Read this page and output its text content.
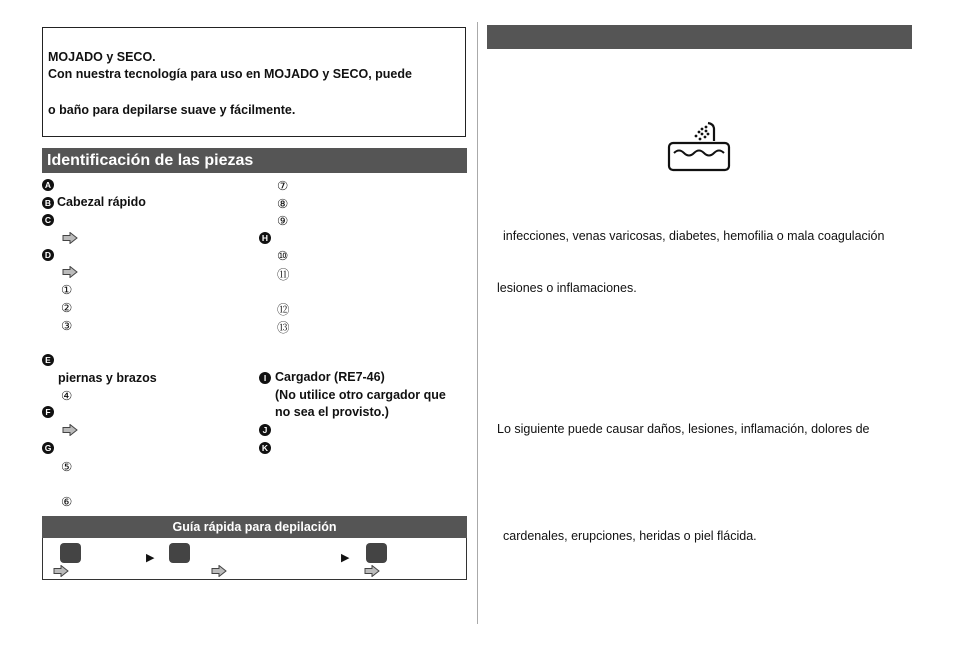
MOJADO y SECO.
Con nuestra tecnología para uso en MOJADO y SECO, puede
o baño para depilarse suave y fácilmente.
Identificación de las piezas
A
B Cabezal rápido
C
D
①
②
③
E
piernas y brazos
④
F
G
⑤
⑥
⑦
⑧
⑨
H
⑩
⑪
⑫
⑬
I Cargador (RE7-46)
(No utilice otro cargador que
no sea el provisto.)
J
K
Guía rápida para depilación
▶	▶
infecciones, venas varicosas, diabetes, hemofilia o mala coagulación
lesiones o inflamaciones.
Lo siguiente puede causar daños, lesiones, inflamación, dolores de
cardenales, erupciones, heridas o piel flácida.
